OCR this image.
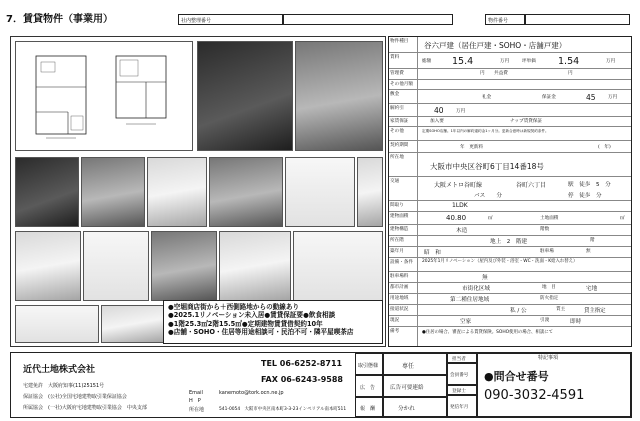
7．賃貸物件（事業用）	社内整理番号	物件番号
●空堀商店街から＋西側路地からの動線あり
●2025.1リノベーション未入居●賃貸保証要●飲食相談
●1階25.3㎡2階15.5㎡●定期建物賃貸借契約10年
●店舗・SOHO・住居等用途相談可・民泊不可・隣平屋喫茶店
物件種目	谷六戸建（居住戸建・SOHO・店舗戸建）
賃料
総額	15.4	万円	坪単価	1.54	万円
管理費	円	共益費	円
その他月額
敷金
礼金	保証金	45	万円
解約引	40	万円
家賃保証	加入要	ナップ賃貸保証
その他	定期SOHO店舗。1年以内の解約違約金1ヶ月分。更新合意時は新規契約条件。
契約期間	年　更新料	(　年)
所在地
大阪市中央区谷町6丁目14番18号
交通
大阪メトロ谷町線	谷町六丁目	駅　徒歩　5　分
バス　　分	停　徒歩　分
間取り	1LDK
建物面積	40.80	㎡	土地面積	㎡
建物構造	木造	階数
所在階	地上　2　階建	階
築年月	昭　和	駐車場	無
設備・条件	2025年1月リノベーション（屋内及び外装・浴室・WC・洗面・K給入れ替え）
駐車場料	無
都市計画	市街化区域	地　目	宅地
用途地域	第二種住居地域	防火指定
接道状況	私 / 公	賃主	貸主指定
現況	空家	引渡	即時
備考	●住居の場合、審査による賃貸保険。SOHO使用の場合、相談にて
近代土地株式会社
宅建免許　大阪府知事(11)25151号
保証協会　(公社)全国宅地建物取引業保証協会
所属協会　(一社)大阪府宅地建物取引業協会　中央支部
TEL 06-6252-8711
FAX 06-6243-9588
Email	kanemoto@tork.ocn.ne.jp
H　P
所在地	541-0054　大阪市中央区南本町3-3-23インペリアル南本町511
取引態様	専任
広　告	広告可要連絡
報　酬	分かれ
担当者
会員番号
登録士
発信年月
特記事項
●問合せ番号
090-3032-4591
